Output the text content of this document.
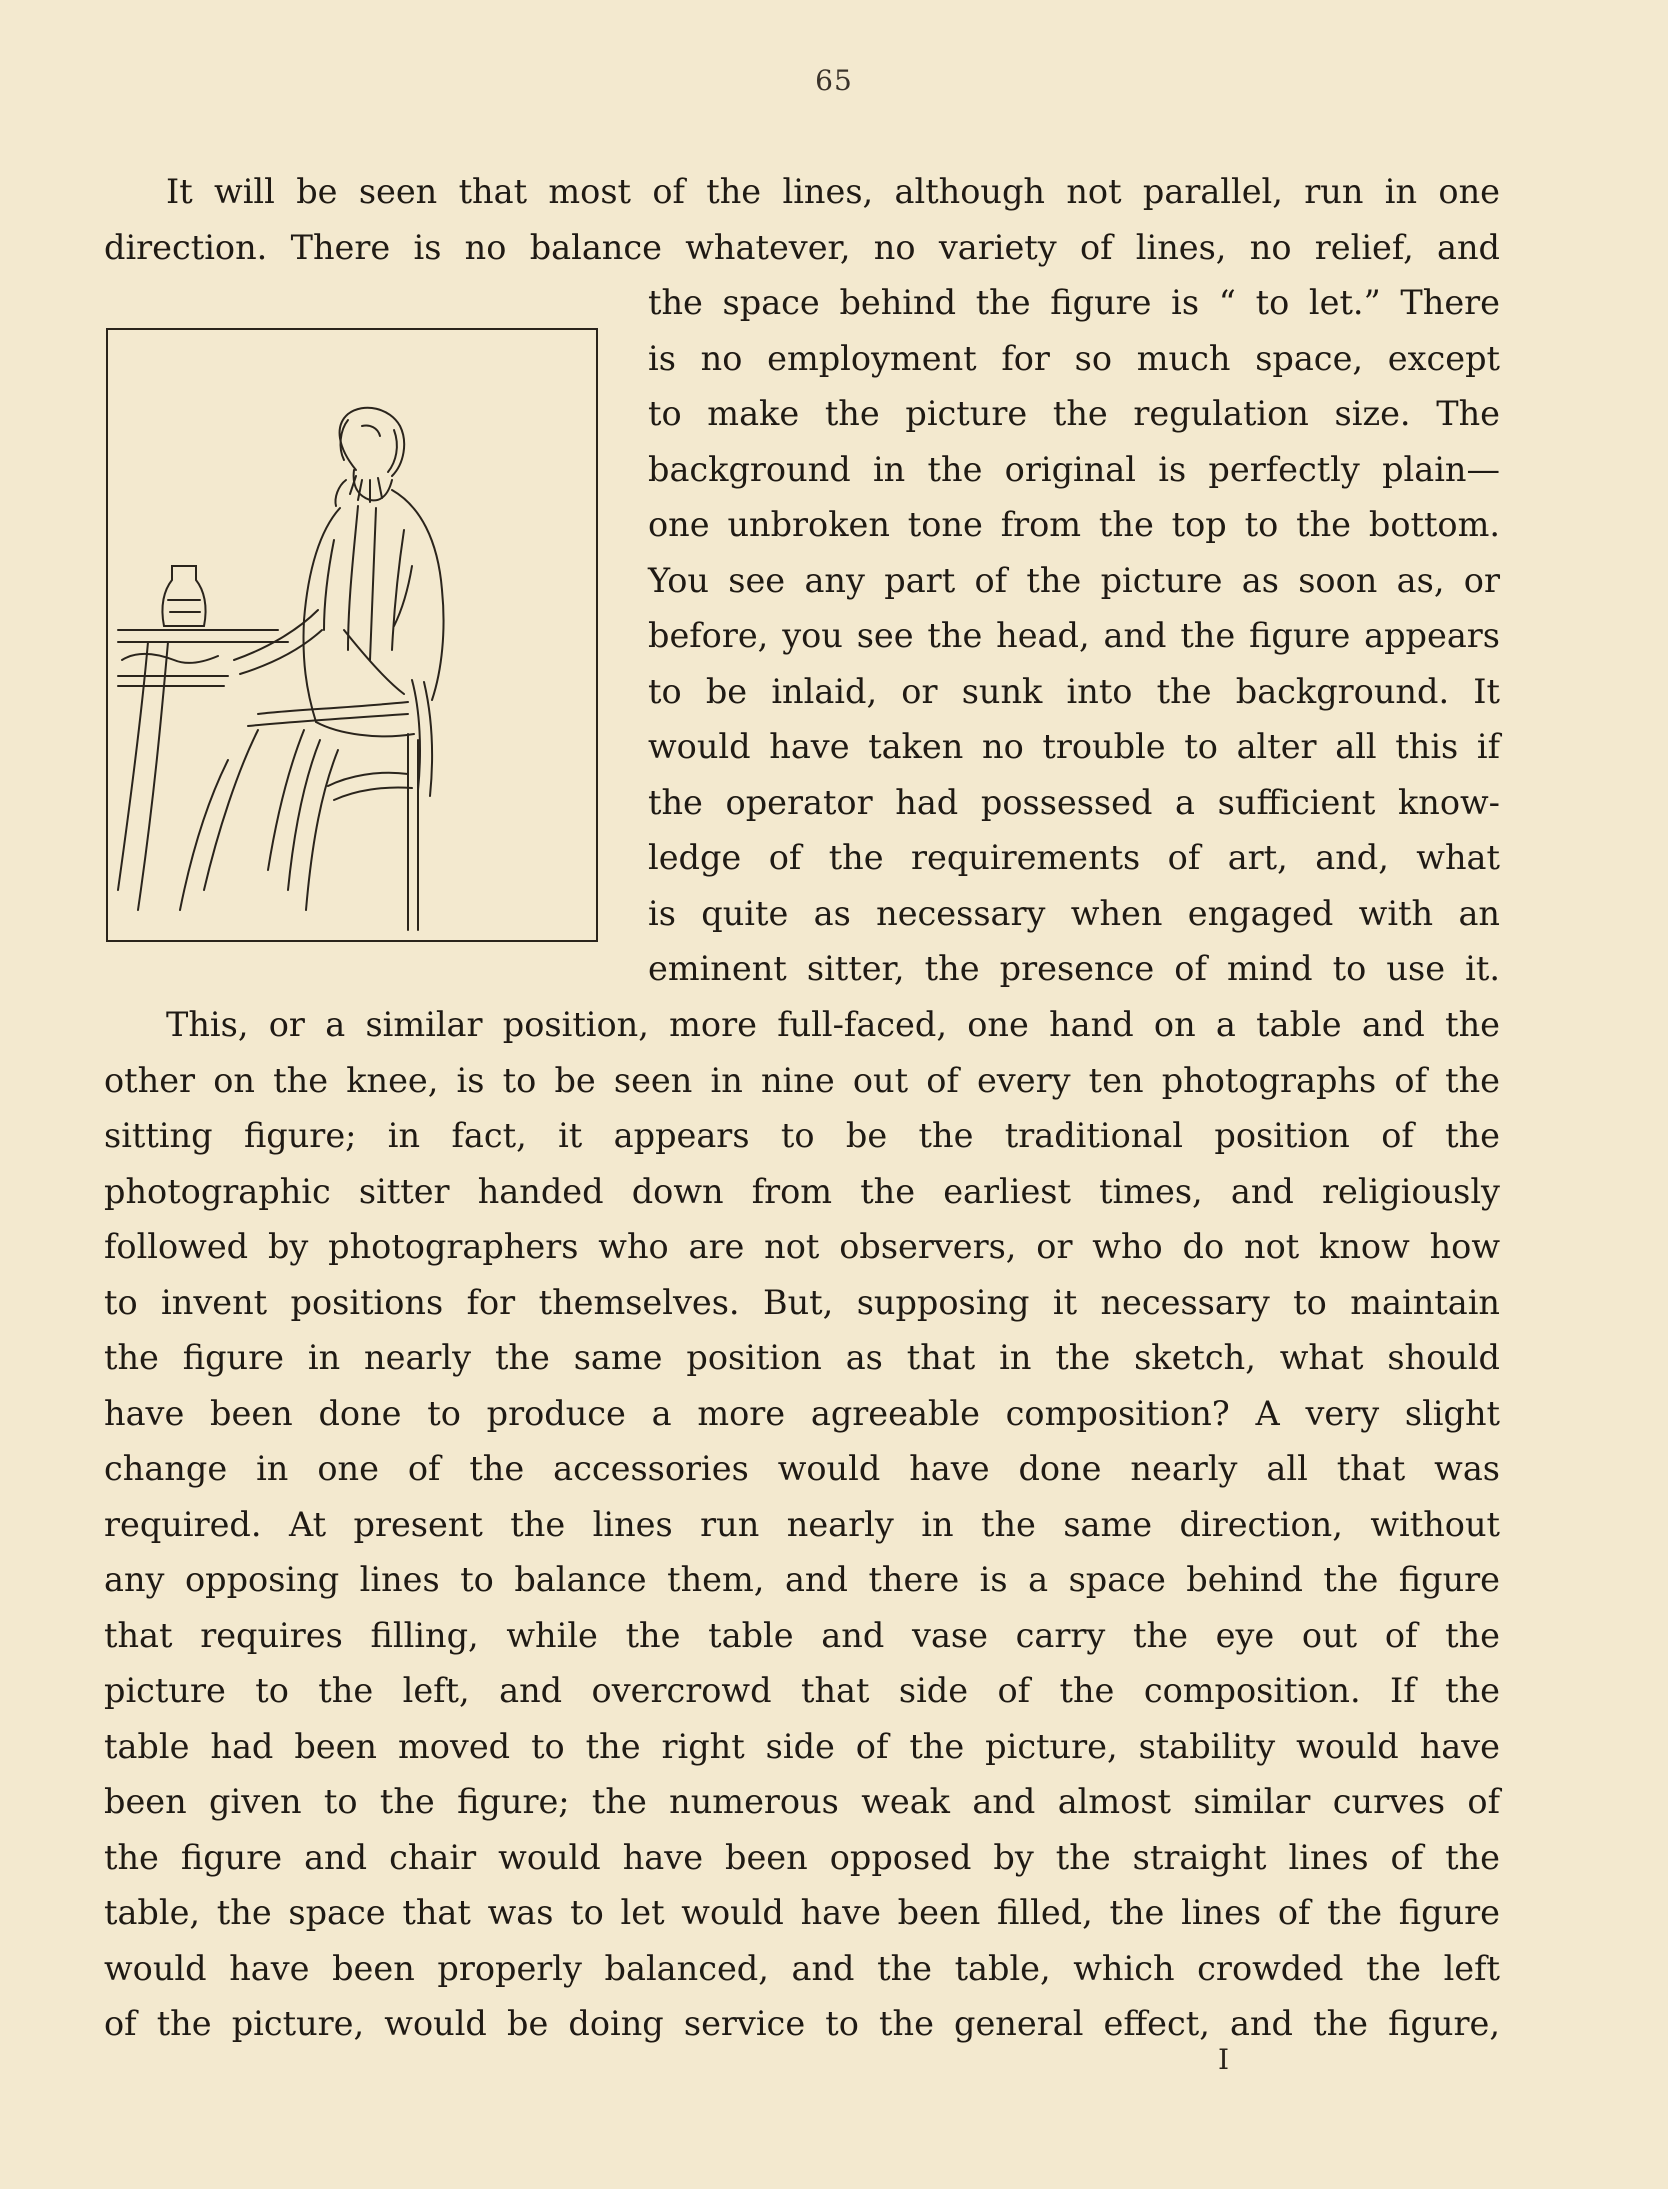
65
It will be seen that most of the lines, although not parallel, run in one
direction. There is no balance whatever, no variety of lines, no relief, and
the space behind the figure is “ to let.” There
is no employment for so much space, except
to make the picture the regulation size. The
background in the original is perfectly plain—
one unbroken tone from the top to the bottom.
You see any part of the picture as soon as, or
before, you see the head, and the figure appears
to be inlaid, or sunk into the background. It
would have taken no trouble to alter all this if
the operator had possessed a sufficient know-
ledge of the requirements of art, and, what
is quite as necessary when engaged with an
eminent sitter, the presence of mind to use it.
This, or a similar position, more full-faced, one hand on a table and the
other on the knee, is to be seen in nine out of every ten photographs of the
sitting figure; in fact, it appears to be the traditional position of the
photographic sitter handed down from the earliest times, and religiously
followed by photographers who are not observers, or who do not know how
to invent positions for themselves. But, supposing it necessary to maintain
the figure in nearly the same position as that in the sketch, what should
have been done to produce a more agreeable composition? A very slight
change in one of the accessories would have done nearly all that was
required. At present the lines run nearly in the same direction, without
any opposing lines to balance them, and there is a space behind the figure
that requires filling, while the table and vase carry the eye out of the
picture to the left, and overcrowd that side of the composition. If the
table had been moved to the right side of the picture, stability would have
been given to the figure; the numerous weak and almost similar curves of
the figure and chair would have been opposed by the straight lines of the
table, the space that was to let would have been filled, the lines of the figure
would have been properly balanced, and the table, which crowded the left
of the picture, would be doing service to the general effect, and the figure,
I
